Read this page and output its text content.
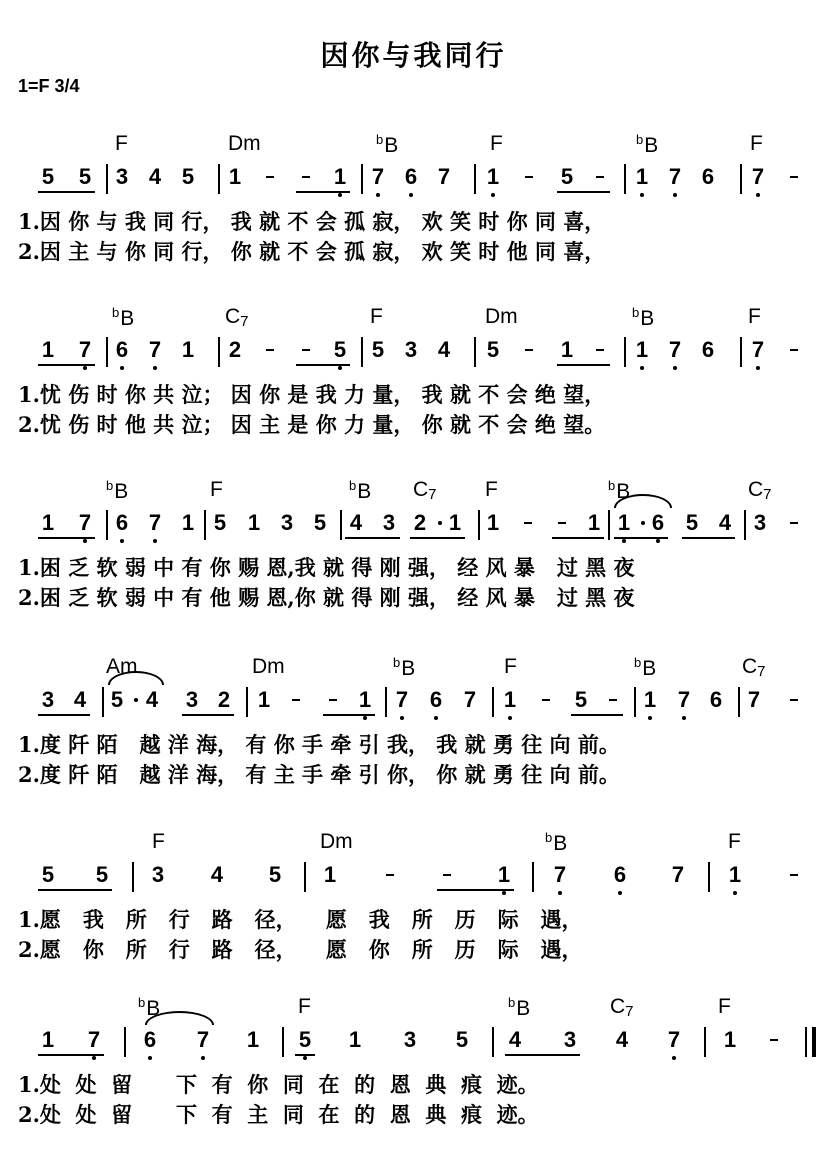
因你与我同行
1=F 3/4
F	Dm	$^b$B	F	$^b$B	F
5 5 3 4 5 1	1 7 6 7 1	5	1 7 6 7
1.因 你 与 我 同 行， 我 就 不 会 孤 寂， 欢 笑 时 你 同 喜，
2.因 主 与 你 同 行， 你 就 不 会 孤 寂， 欢 笑 时 他 同 喜，
$^b$B	$C_7$	F	Dm	$^b$B	F
1 7 6 7 1 2	5 5 3 4 5	1	1 7 6 7
1.忧 伤 时 你 共 泣； 因 你 是 我 力 量， 我 就 不 会 绝 望，
2.忧 伤 时 他 共 泣； 因 主 是 你 力 量， 你 就 不 会 绝 望。
$^b$B	F	$^b$B $C_7$ F	$^b$B	$C_7$
1 7 6 7 1 5 1 3 5 4 3 2 1 1	1 1 6 5 4 3
1.困 乏 软 弱 中 有 你 赐 恩,我 就 得 刚 强， 经 风 暴   过 黑 夜
2.困 乏 软 弱 中 有 他 赐 恩,你 就 得 刚 强， 经 风 暴   过 黑 夜
Am	Dm	$^b$B	F	$^b$B	$C_7$
3 4 5 4 3 2 1	1 7 6 7 1	5	1 7 6 7
1.度 阡 陌   越 洋 海， 有 你 手 牵 引 我， 我 就 勇 往 向 前。
2.度 阡 陌   越 洋 海， 有 主 手 牵 引 你， 你 就 勇 往 向 前。
F	Dm	$^b$B	F
5 5 3 4 5 1	1 7 6 7 1
1.愿   我   所   行   路   径，    愿   我   所   历   际   遇，
2.愿   你   所   行   路   径，    愿   你   所   历   际   遇，
$^b$B	F	$^b$B	$C_7$	F
1 7 6 7 1 5 1 3 5 4 3 4 7 1
1.处  处  留      下  有  你  同  在  的  恩  典  痕  迹。
2.处  处  留      下  有  主  同  在  的  恩  典  痕  迹。
